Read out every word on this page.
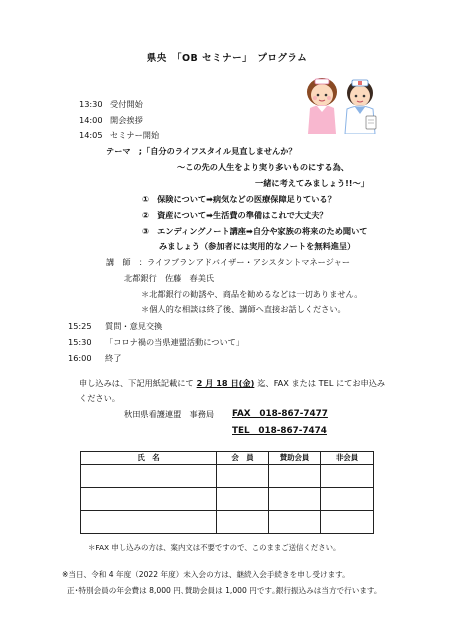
県央　「OB セミナー」　プログラム
13:30 受付開始
14:00 開会挨拶
14:05 セミナー開始
テーマ　;「自分のライフスタイル見直しませんか？
～この先の人生をより実り多いものにする為、
一緒に考えてみましょう!!～」
①　保険について➡病気などの医療保障足りている？
②　資産について➡生活費の準備はこれで大丈夫？
③　エンディングノート講座➡自分や家族の将来のため聞いて
みましょう（参加者には実用的なノートを無料進呈）
講　師　：ライフプランアドバイザー・アシスタントマネージャー
北都銀行　佐藤　春美氏
＊北都銀行の勧誘や、商品を勧めるなどは一切ありません。
＊個人的な相談は終了後、講師へ直接お話しください。
15:25 質問・意見交換
15:30 「コロナ禍の当県連盟活動について」
16:00 終了
申し込みは、下記用紙記載にて 2 月 18 日(金) 迄、FAX または TEL にてお申込み
ください。
秋田県看護連盟　事務局 FAX　018-867-7477
TEL　018-867-7474
氏　名	会　員	賛助会員	非会員

＊FAX 申し込みの方は、案内文は不要ですので、このままご送信ください。
※当日、令和 4 年度（2022 年度）未入会の方は、継続入会手続きを申し受けます。
正･特別会員の年会費は 8,000 円､賛助会員は 1,000 円です｡銀行振込みは当方で行います。
